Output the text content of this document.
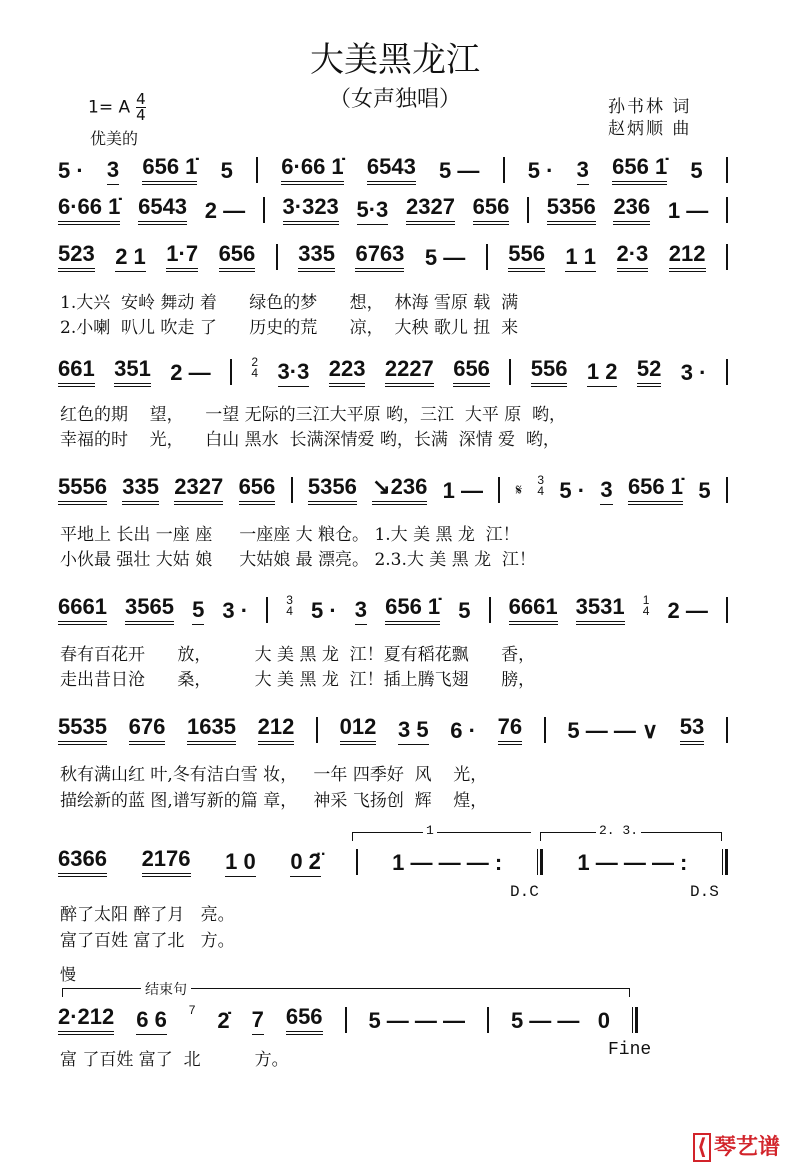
大美黑龙江
（女声独唱）	孙书林 词
赵炳顺 曲
1= A $\frac{4}{4}$
优美的
5 · 3 656 1̇ 5 6·66 1̇ 6543 5 — 5 · 3 656 1̇ 5
6·66 1̇ 6543 2 — 3·323 5·3 2327 656 5356 236 1 —
523 2 1 1·7 656 335 6763 5 — 556 1 1 2·3 212
661 351 2 —	2
4 3·3 223 2227 656 556 1 2 52 3 ·
5556 335 2327 656 5356 ↘236 1 — 𝄋
3
4 5 · 3 656 1̇ 5
6661 3565 5 3 ·	3
4 5 · 3 656 1̇ 5 6661 3531 1
4 2 —
5535 676 1635 212 012 3 5 6 · 76 5 — — ∨ 53
6366 2176 1 0 0 2̈	1 — — — :	1 — — — :
2·212 6 6 7 2̇ 7 656 5 — — — 5 — —   0
1.大兴  安岭 舞动 着      绿色的梦      想，  林海 雪原 载  满
2.小喇  叭儿 吹走 了      历史的荒      凉，  大秧 歌儿 扭  来
红色的期    望，    一望 无际的三江大平原 哟，三江  大平 原  哟，
幸福的时    光，    白山 黑水  长满深情爱 哟，长满  深情 爱  哟，
平地上 长出 一座 座     一座座 大 粮仓。 1.大 美 黑 龙  江！
小伙最 强壮 大姑 娘     大姑娘 最 漂亮。 2.3.大 美 黑 龙  江！
春有百花开      放，        大 美 黑 龙  江！夏有稻花飘      香，
走出昔日沧      桑，        大 美 黑 龙  江！插上腾飞翅      膀，
秋有满山红 叶,冬有洁白雪 妆，   一年 四季好  风    光，
描绘新的蓝 图,谱写新的篇 章，   神采 飞扬创  辉    煌，
醉了太阳 醉了月   亮。
富了百姓 富了北   方。
富 了百姓 富了  北          方。
1	2. 3.
D.C	D.S
慢
结束句
Fine
⟨ 琴艺谱
